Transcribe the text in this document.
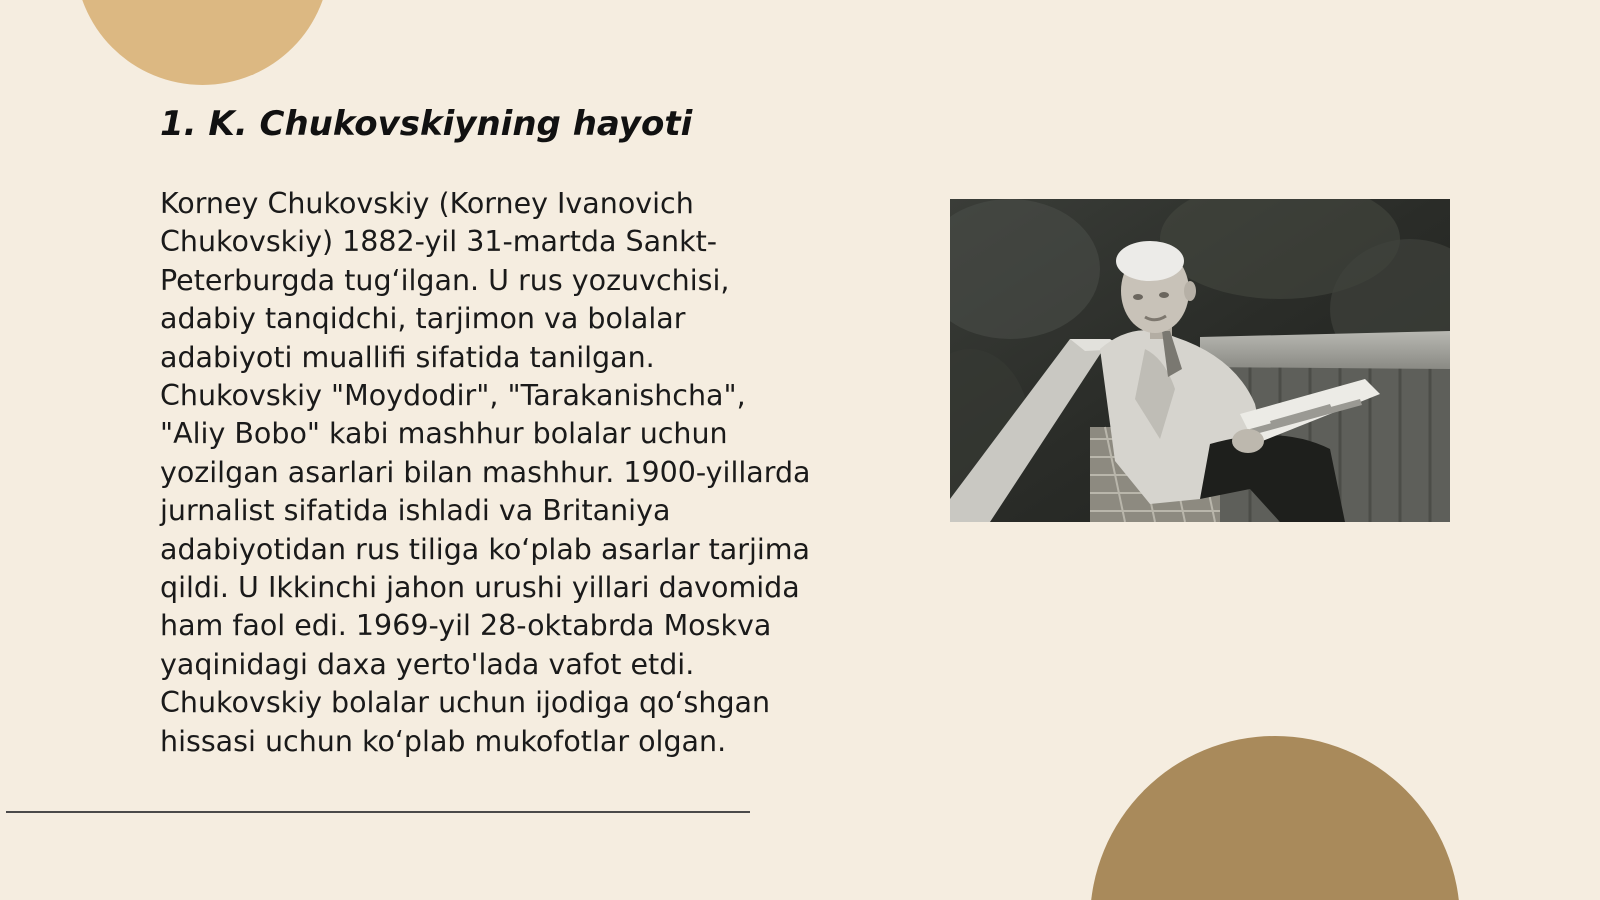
1. K. Chukovskiyning hayoti
Korney Chukovskiy (Korney Ivanovich
Chukovskiy) 1882-yil 31-martda Sankt-
Peterburgda tug‘ilgan. U rus yozuvchisi,
adabiy tanqidchi, tarjimon va bolalar
adabiyoti muallifi sifatida tanilgan.
Chukovskiy "Moydodir", "Tarakanishcha",
"Aliy Bobo" kabi mashhur bolalar uchun
yozilgan asarlari bilan mashhur. 1900-yillarda
jurnalist sifatida ishladi va Britaniya
adabiyotidan rus tiliga ko‘plab asarlar tarjima
qildi. U Ikkinchi jahon urushi yillari davomida
ham faol edi. 1969-yil 28-oktabrda Moskva
yaqinidagi daxa yerto'lada vafot etdi.
Chukovskiy bolalar uchun ijodiga qo‘shgan
hissasi uchun ko‘plab mukofotlar olgan.
